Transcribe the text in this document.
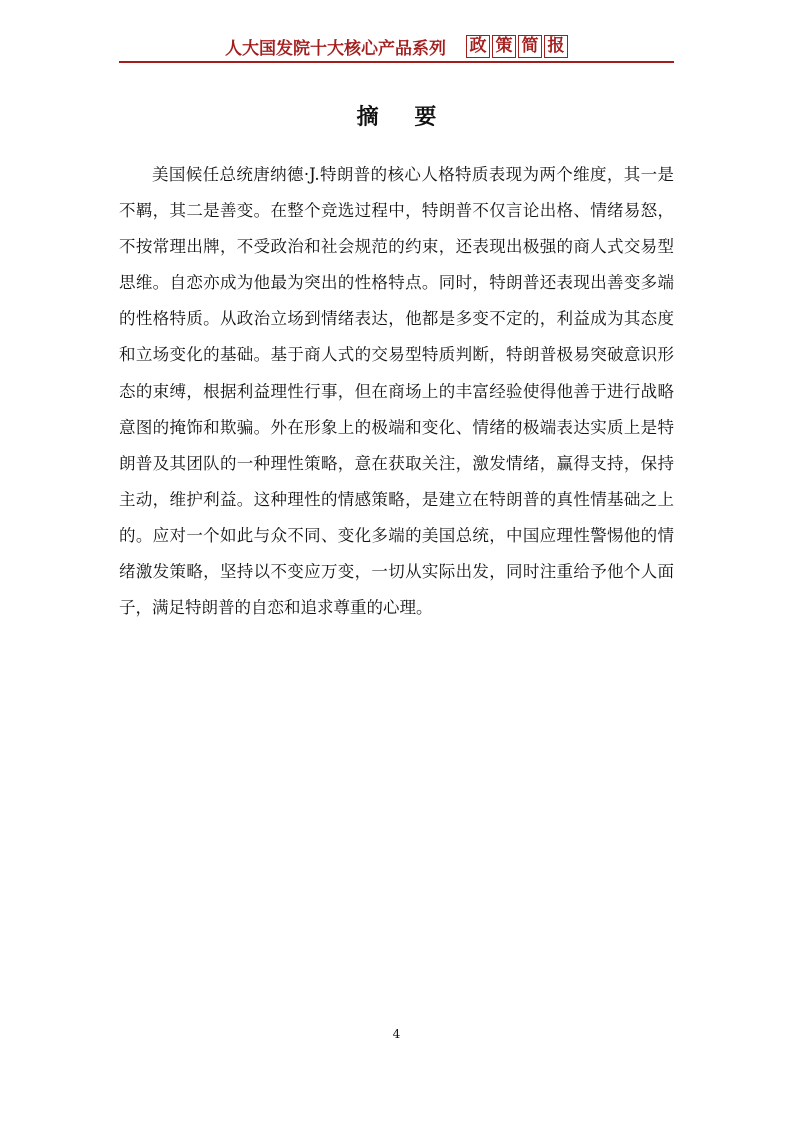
人大国发院十大核心产品系列 政 策 简 报
摘 要

美国候任总统唐纳德·J.特朗普的核心人格特质表现为两个维度，其一是不羁，其二是善变。在整个竞选过程中，特朗普不仅言论出格、情绪易怒，不按常理出牌，不受政治和社会规范的约束，还表现出极强的商人式交易型思维。自恋亦成为他最为突出的性格特点。同时，特朗普还表现出善变多端的性格特质。从政治立场到情绪表达，他都是多变不定的，利益成为其态度和立场变化的基础。基于商人式的交易型特质判断，特朗普极易突破意识形态的束缚，根据利益理性行事，但在商场上的丰富经验使得他善于进行战略意图的掩饰和欺骗。外在形象上的极端和变化、情绪的极端表达实质上是特朗普及其团队的一种理性策略，意在获取关注，激发情绪，赢得支持，保持主动，维护利益。这种理性的情感策略，是建立在特朗普的真性情基础之上的。应对一个如此与众不同、变化多端的美国总统，中国应理性警惕他的情绪激发策略，坚持以不变应万变，一切从实际出发，同时注重给予他个人面子，满足特朗普的自恋和追求尊重的心理。

4
